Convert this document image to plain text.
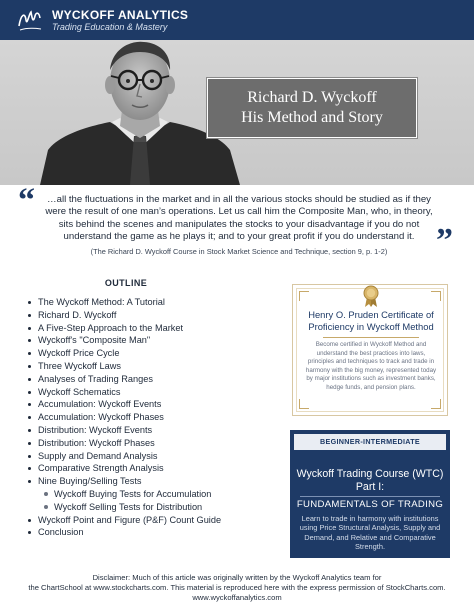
WYCKOFF ANALYTICS
Trading Education & Mastery
Richard D. Wyckoff
His Method and Story
“	…all the fluctuations in the market and in all the various stocks should be studied as if they were the result of one man’s operations. Let us call him the Composite Man, who, in theory, sits behind the scenes and manipulates the stocks to your disadvantage if you do not understand the game as he plays it; and to your great profit if you do understand it. ”
(The Richard D. Wyckoff Course in Stock Market Science and Technique, section 9, p. 1-2)
OUTLINE
The Wyckoff Method: A Tutorial
Richard D. Wyckoff
A Five-Step Approach to the Market
Wyckoff's "Composite Man"
Wyckoff Price Cycle
Three Wyckoff Laws
Analyses of Trading Ranges
Wyckoff Schematics
Accumulation: Wyckoff Events
Accumulation: Wyckoff Phases
Distribution: Wyckoff Events
Distribution: Wyckoff Phases
Supply and Demand Analysis
Comparative Strength Analysis
Nine Buying/Selling Tests
Wyckoff Buying Tests for Accumulation
Wyckoff Selling Tests for Distribution
Wyckoff Point and Figure (P&F) Count Guide
Conclusion
Henry O. Pruden Certificate of Proficiency in Wyckoff Method
Become certified in Wyckoff Method and understand the best practices into laws, principles and techniques to track and trade in harmony with the big money, represented today by major institutions such as investment banks, hedge funds, and pension plans.
BEGINNER-INTERMEDIATE
Wyckoff Trading Course (WTC) Part I:
FUNDAMENTALS OF TRADING
Learn to trade in harmony with institutions using Price Structural Analysis, Supply and Demand, and Relative and Comparative Strength.
Disclaimer: Much of this article was originally written by the Wyckoff Analytics team for
the ChartSchool at www.stockcharts.com. This material is reproduced here with the express permission of StockCharts.com.
www.wyckoffanalytics.com
